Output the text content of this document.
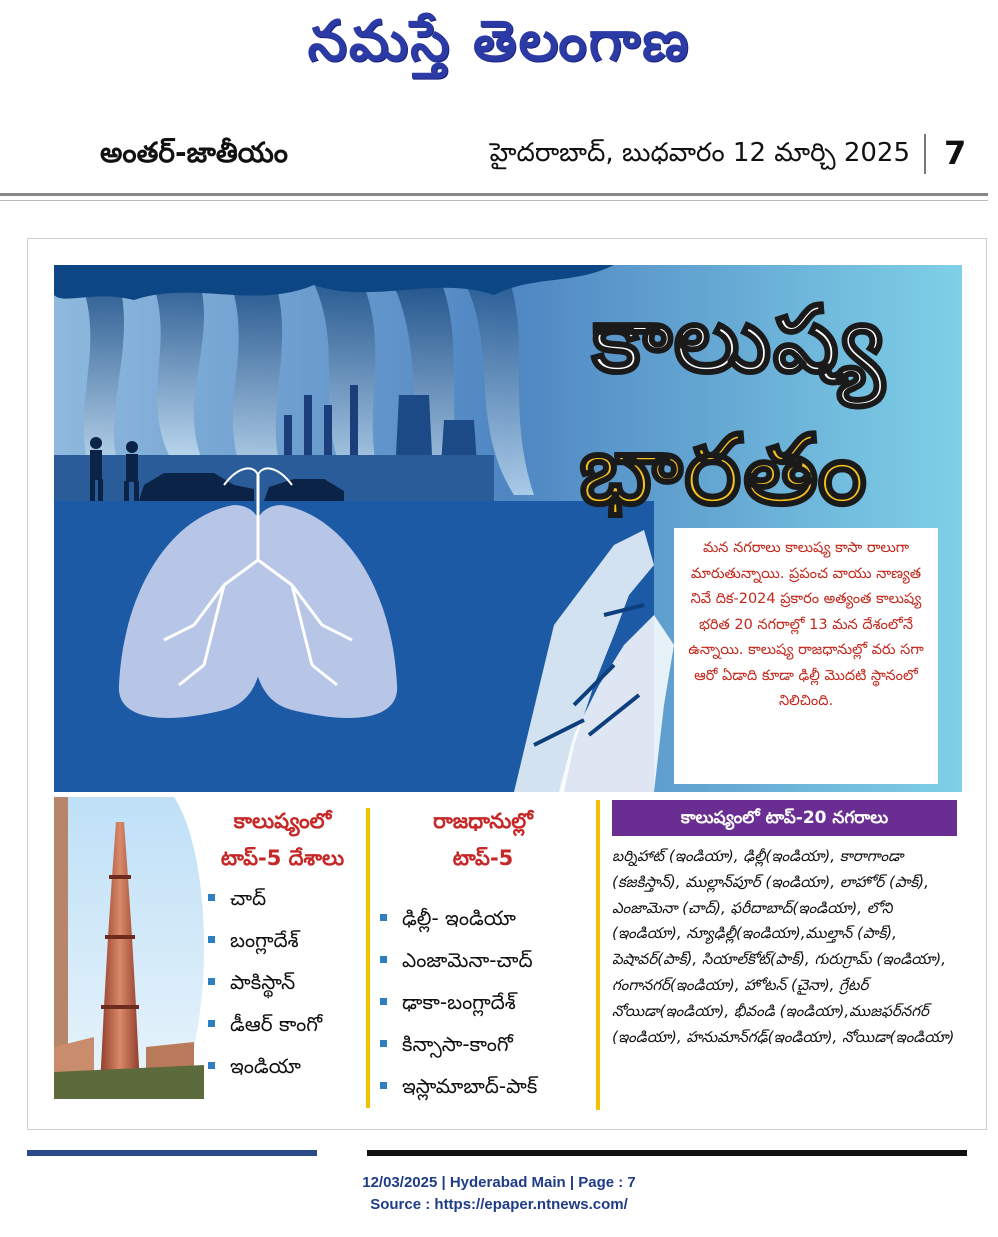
నమస్తే తెలంగాణ
అంతర్-జాతీయం	హైదరాబాద్, బుధవారం 12 మార్చి 2025 7
కాలుష్య
భారతం

మన నగరాలు కాలుష్య కాసా రాలుగా మారుతున్నాయి. ప్రపంచ వాయు నాణ్యత నివే దిక-2024 ప్రకారం అత్యంత కాలుష్య భరిత 20 నగరాల్లో 13 మన దేశంలోనే ఉన్నాయి. కాలుష్య రాజధానుల్లో వరు సగా ఆరో ఏడాది కూడా ఢిల్లీ మొదటి స్థానంలో నిలిచింది.

కాలుష్యంలో టాప్-5 దేశాలు

చాద్
బంగ్లాదేశ్
పాకిస్థాన్
డీఆర్ కాంగో
ఇండియా

రాజధానుల్లో టాప్-5

ఢిల్లీ- ఇండియా
ఎంజామెనా-చాద్
ఢాకా-బంగ్లాదేశ్
కిన్సాసా-కాంగో
ఇస్లామాబాద్-పాక్
కాలుష్యంలో టాప్-20 నగరాలు

బర్నిహాట్ (ఇండియా), ఢిల్లీ(ఇండియా), కారాగాండా (కజకిస్తాన్), ముల్లాన్‌పూర్ (ఇండియా), లాహోర్ (పాక్), ఎంజామెనా (చాద్), ఫరీదాబాద్(ఇండియా), లోని (ఇండియా), న్యూఢిల్లీ(ఇండియా),ముల్తాన్ (పాక్), పెషావర్(పాక్), సియాల్‌కోట్(పాక్), గురుగ్రామ్ (ఇండియా), గంగానగర్(ఇండియా), హోటన్ (చైనా), గ్రేటర్ నోయిడా(ఇండియా), భీవండి (ఇండియా),ముజఫర్‌నగర్ (ఇండియా), హనుమాన్‌గఢ్(ఇండియా), నోయిడా(ఇండియా)

12/03/2025 | Hyderabad Main | Page : 7
Source : https://epaper.ntnews.com/
